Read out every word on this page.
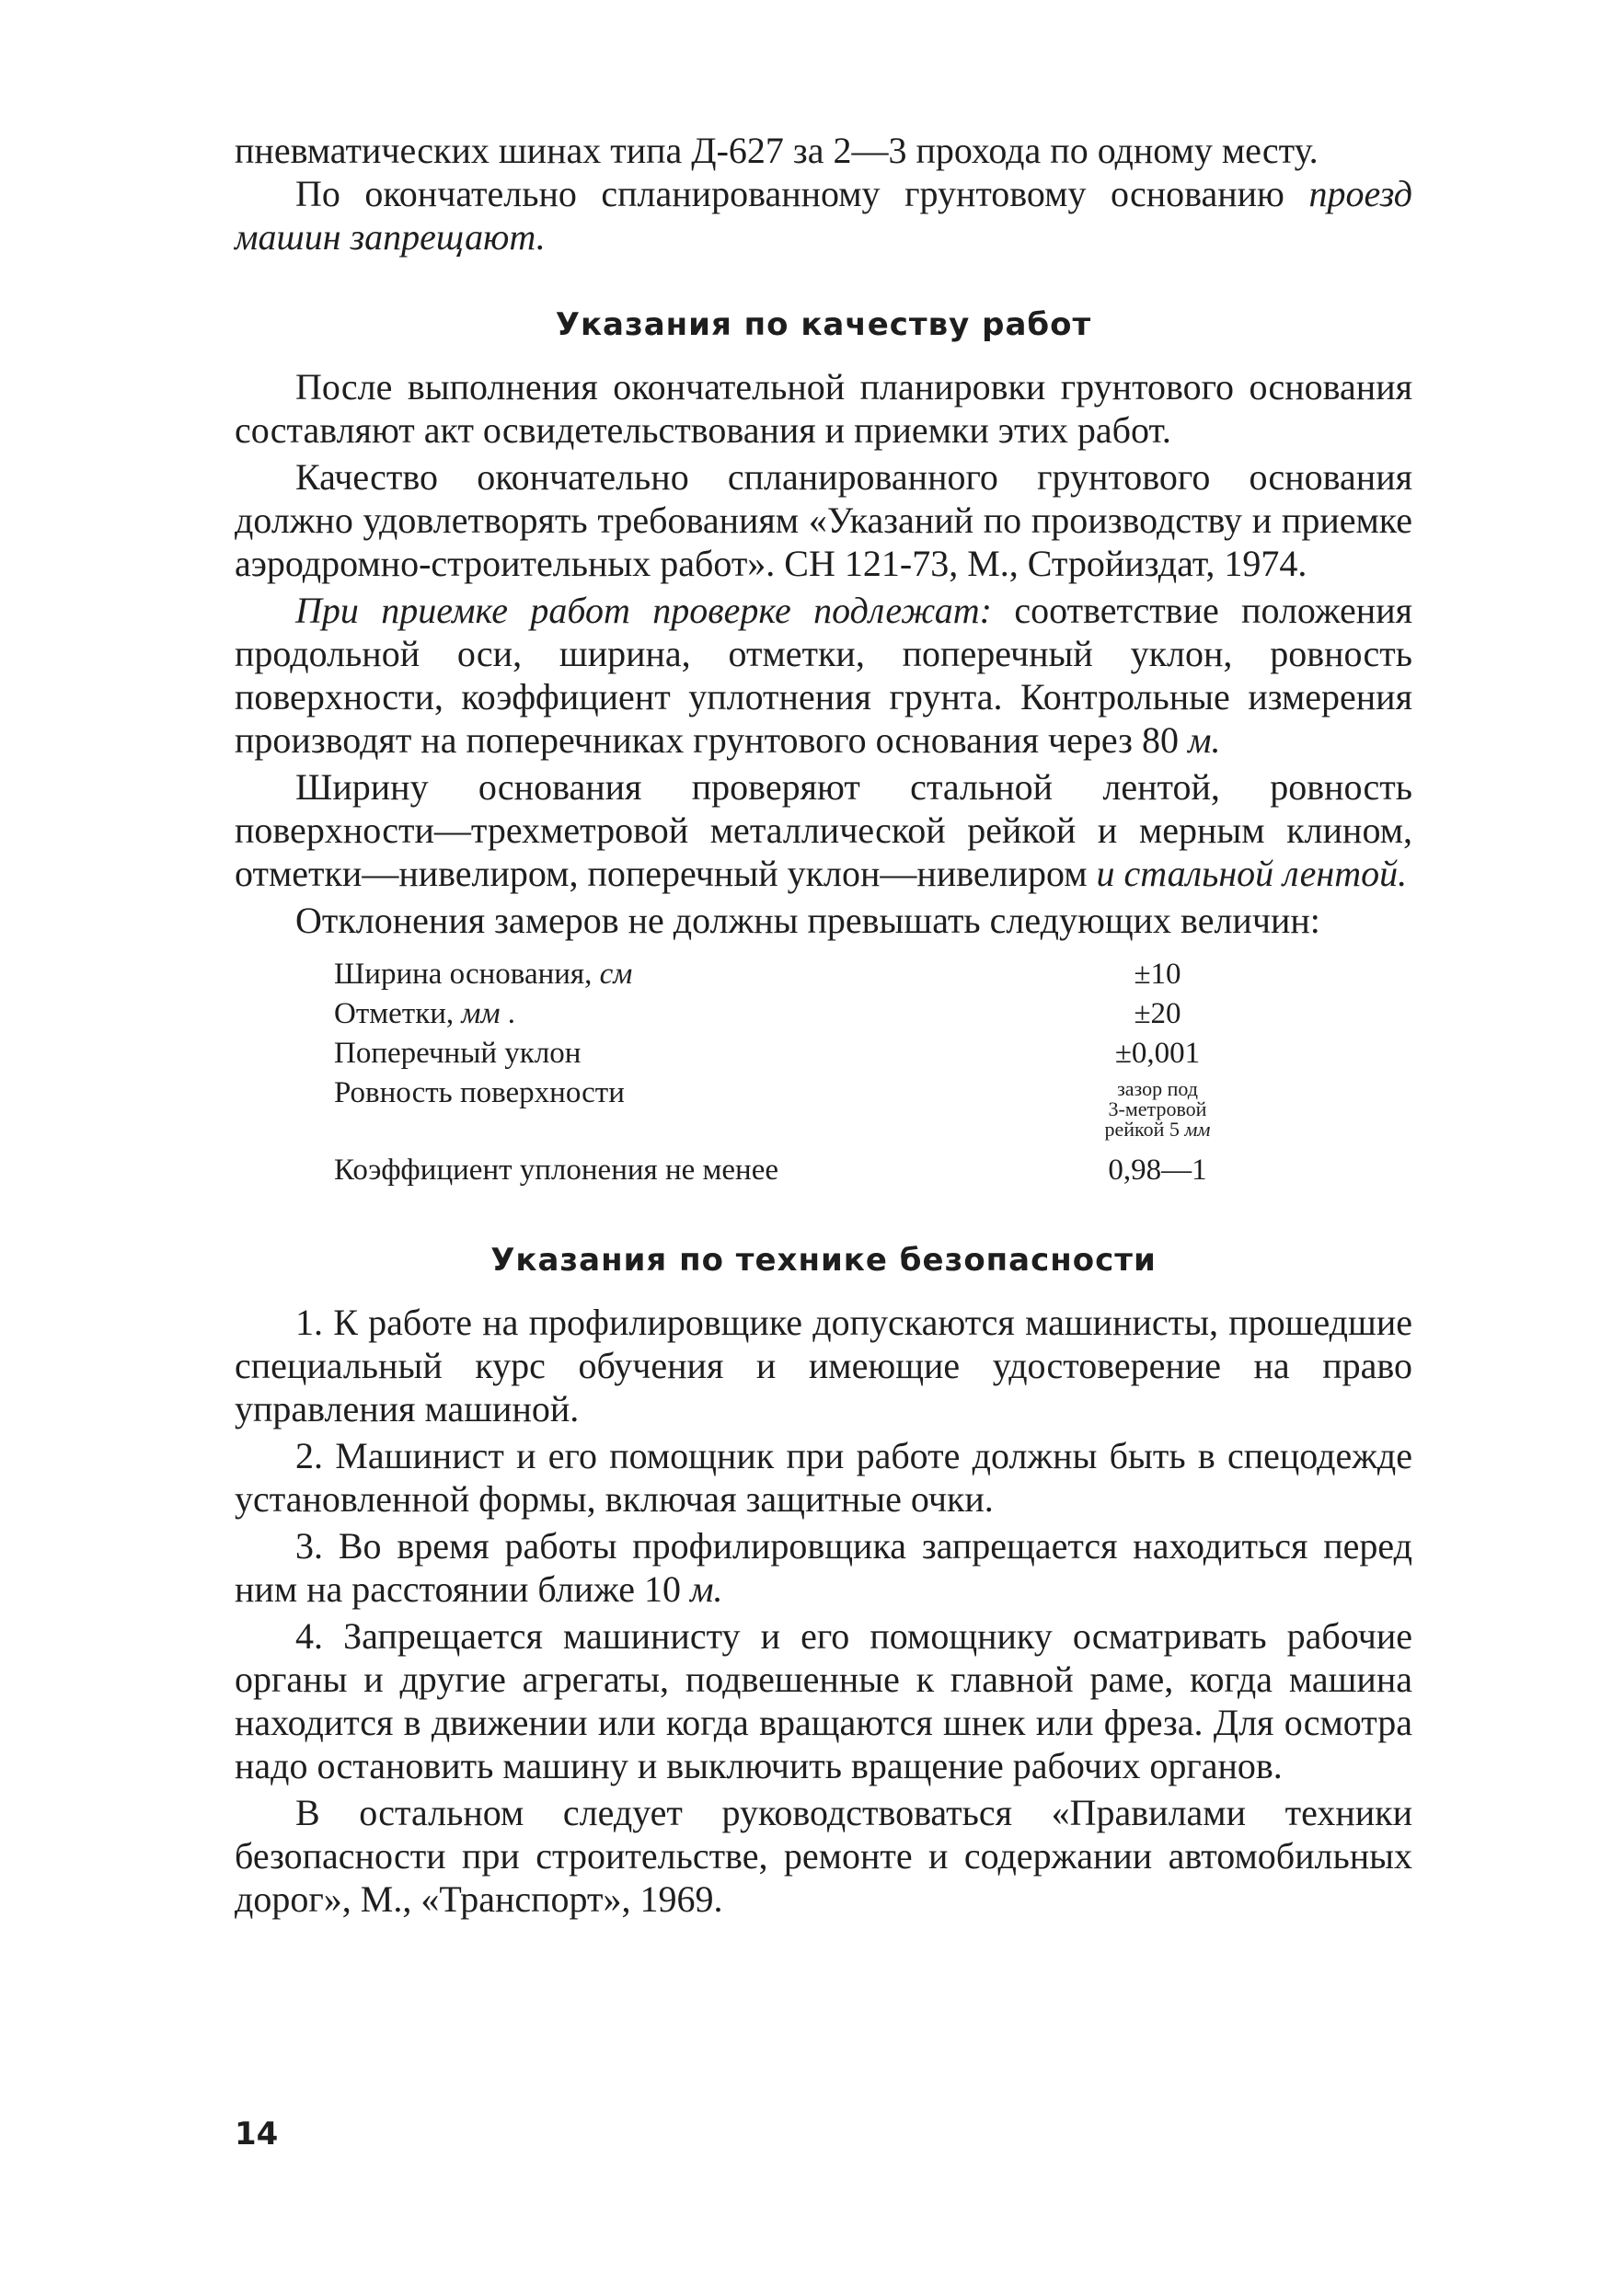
пневматических шинах типа Д-627 за 2—3 прохода по одному месту.

По окончательно спланированному грунтовому основанию проезд машин запрещают.

Указания по качеству работ

После выполнения окончательной планировки грунтового основания составляют акт освидетельствования и приемки этих работ.

Качество окончательно спланированного грунтового основания должно удовлетворять требованиям «Указаний по производству и приемке аэродромно-строительных работ». СН 121-73, М., Стройиздат, 1974.

При приемке работ проверке подлежат: соответствие положения продольной оси, ширина, отметки, поперечный уклон, ровность поверхности, коэффициент уплотнения грунта. Контрольные измерения производят на поперечниках грунтового основания через 80 м.

Ширину основания проверяют стальной лентой, ровность поверхности—трехметровой металлической рейкой и мерным клином, отметки—нивелиром, поперечный уклон—нивелиром и стальной лентой.

Отклонения замеров не должны превышать следующих величин:

Ширина основания, см	±10
Отметки, мм .	±20
Поперечный уклон	±0,001
Ровность поверхности	зазор под
3-метровой
рейкой 5 мм
Коэффициент уплонения не менее	0,98—1
Указания по технике безопасности

1. К работе на профилировщике допускаются машинисты, прошедшие специальный курс обучения и имеющие удостоверение на право управления машиной.

2. Машинист и его помощник при работе должны быть в спецодежде установленной формы, включая защитные очки.

3. Во время работы профилировщика запрещается находиться перед ним на расстоянии ближе 10 м.

4. Запрещается машинисту и его помощнику осматривать рабочие органы и другие агрегаты, подвешенные к главной раме, когда машина находится в движении или когда вращаются шнек или фреза. Для осмотра надо остановить машину и выключить вращение рабочих органов.

В остальном следует руководствоваться «Правилами техники безопасности при строительстве, ремонте и содержании автомобильных дорог», М., «Транспорт», 1969.

14
